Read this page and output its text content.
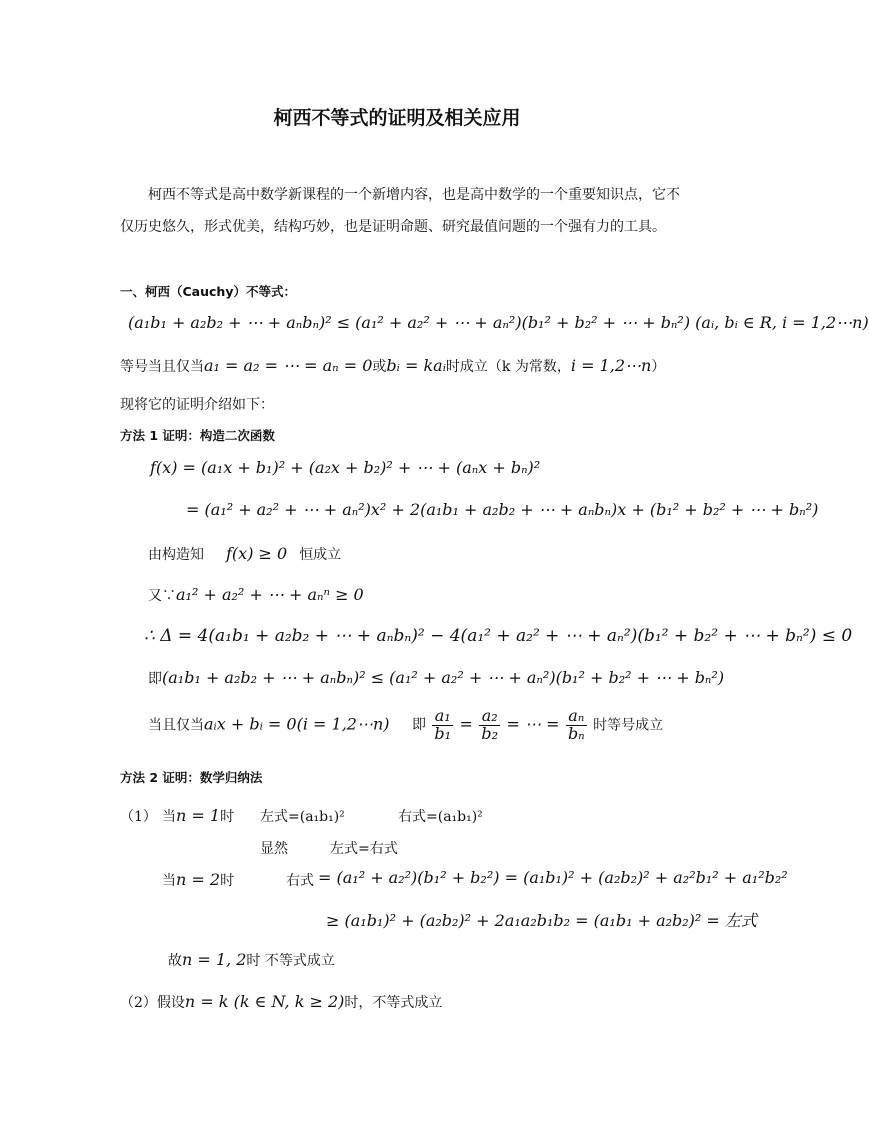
柯西不等式的证明及相关应用
柯西不等式是高中数学新课程的一个新增内容，也是高中数学的一个重要知识点，它不
仅历史悠久，形式优美，结构巧妙，也是证明命题、研究最值问题的一个强有力的工具。
一、柯西（Cauchy）不等式：
(a₁b₁ + a₂b₂ + ⋯ + aₙbₙ)² ≤ (a₁² + a₂² + ⋯ + aₙ²)(b₁² + b₂² + ⋯ + bₙ²) (aᵢ, bᵢ ∈ R, i = 1,2⋯n)
等号当且仅当a₁ = a₂ = ⋯ = aₙ = 0或bᵢ = kaᵢ时成立（k 为常数，i = 1,2⋯n）
现将它的证明介绍如下：
方法 1 证明：构造二次函数
f(x) = (a₁x + b₁)² + (a₂x + b₂)² + ⋯ + (aₙx + bₙ)²
= (a₁² + a₂² + ⋯ + aₙ²)x² + 2(a₁b₁ + a₂b₂ + ⋯ + aₙbₙ)x + (b₁² + b₂² + ⋯ + bₙ²)
由构造知 f(x) ≥ 0 恒成立
又∵a₁² + a₂² + ⋯ + aₙⁿ ≥ 0
∴ Δ = 4(a₁b₁ + a₂b₂ + ⋯ + aₙbₙ)² − 4(a₁² + a₂² + ⋯ + aₙ²)(b₁² + b₂² + ⋯ + bₙ²) ≤ 0
即(a₁b₁ + a₂b₂ + ⋯ + aₙbₙ)² ≤ (a₁² + a₂² + ⋯ + aₙ²)(b₁² + b₂² + ⋯ + bₙ²)
当且仅当aᵢx + bᵢ = 0(i = 1,2⋯n) 即 $\frac{\text{a₁}}{\text{b₁}} = \frac{\text{a₂}}{\text{b₂}}$ = ⋯ = $\frac{\text{aₙ}}{\text{bₙ}}$ 时等号成立
方法 2 证明：数学归纳法
（1） 当n = 1时 左式=(a₁b₁)²	右式=(a₁b₁)²
显然	左式=右式
当n = 2时	右式 = (a₁² + a₂²)(b₁² + b₂²) = (a₁b₁)² + (a₂b₂)² + a₂²b₁² + a₁²b₂²
≥ (a₁b₁)² + (a₂b₂)² + 2a₁a₂b₁b₂ = (a₁b₁ + a₂b₂)² = 左式
故n = 1, 2时 不等式成立
（2）假设n = k (k ∈ N, k ≥ 2)时，不等式成立
